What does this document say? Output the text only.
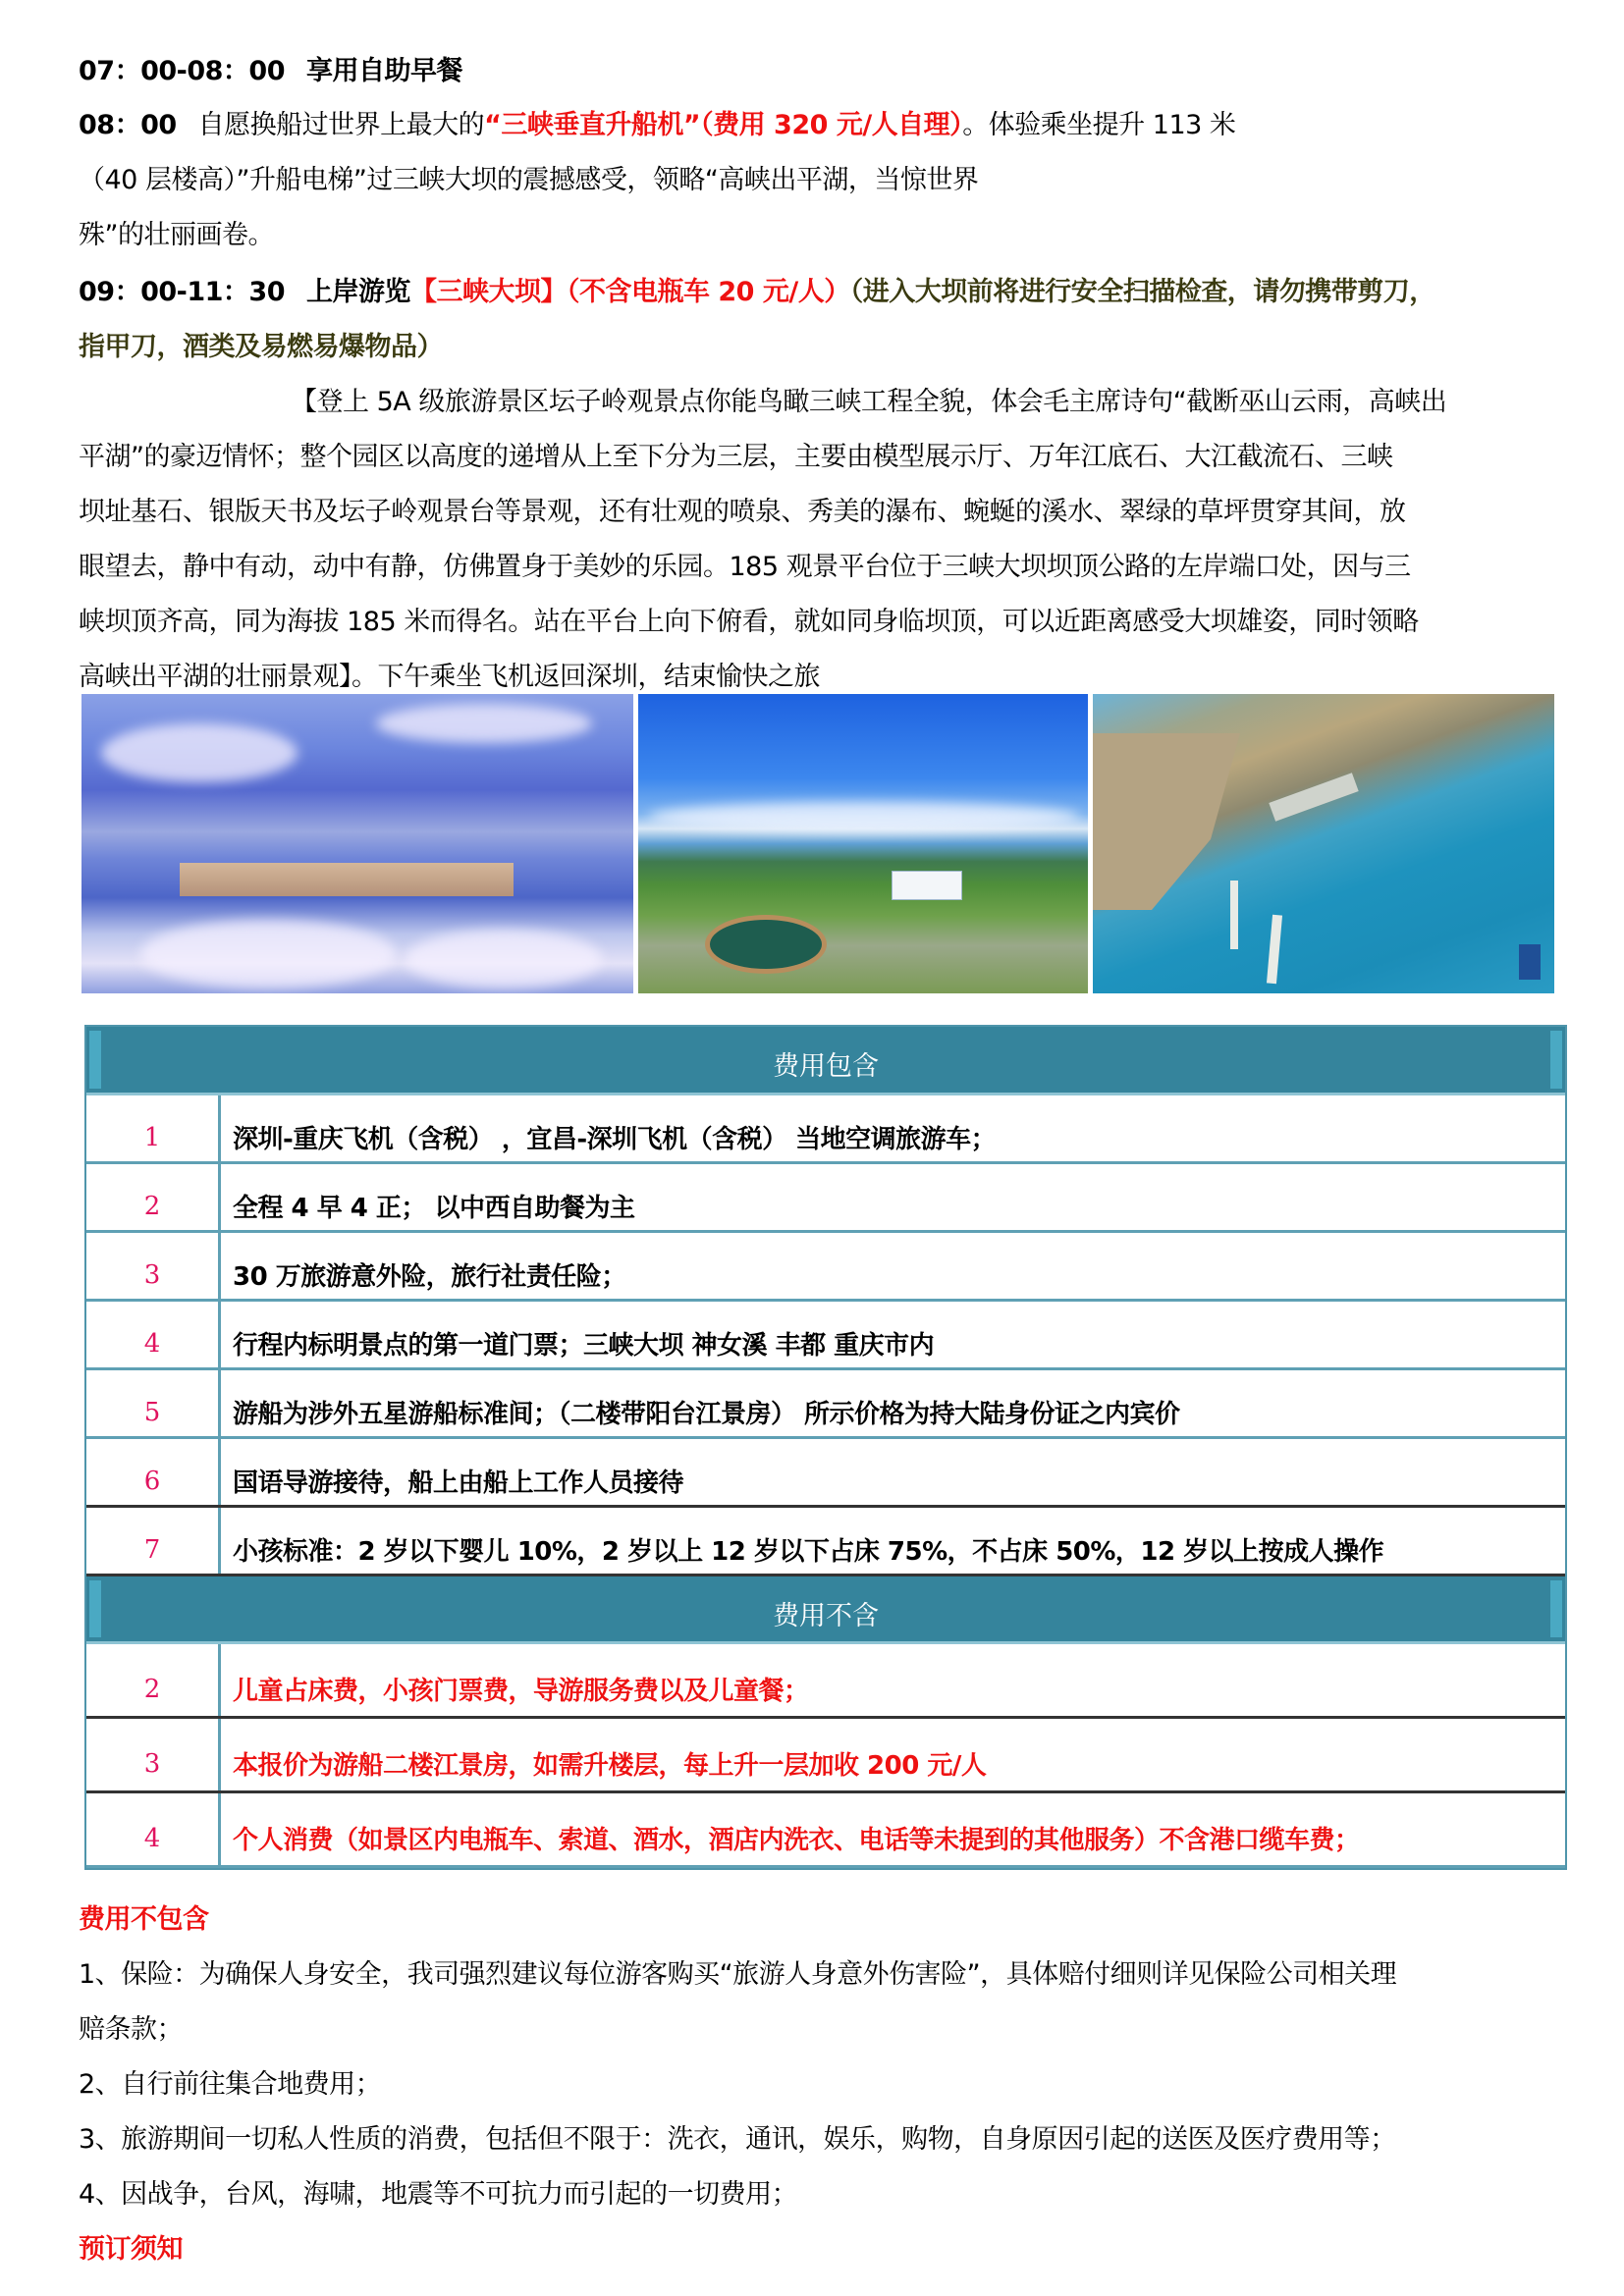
07：00-08：00 享用自助早餐
08：00 自愿换船过世界上最大的“三峡垂直升船机”（费用 320 元/人自理）。体验乘坐提升 113 米
（40 层楼高）”升船电梯”过三峡大坝的震撼感受，领略“高峡出平湖，当惊世界
殊”的壮丽画卷。
09：00-11：30 上岸游览【三峡大坝】（不含电瓶车 20 元/人）（进入大坝前将进行安全扫描检查，请勿携带剪刀，
指甲刀，酒类及易燃易爆物品）
【登上 5A 级旅游景区坛子岭观景点你能鸟瞰三峡工程全貌，体会毛主席诗句“截断巫山云雨，高峡出
平湖”的豪迈情怀；整个园区以高度的递增从上至下分为三层，主要由模型展示厅、万年江底石、大江截流石、三峡
坝址基石、银版天书及坛子岭观景台等景观，还有壮观的喷泉、秀美的瀑布、蜿蜒的溪水、翠绿的草坪贯穿其间，放
眼望去，静中有动，动中有静，仿佛置身于美妙的乐园。185 观景平台位于三峡大坝坝顶公路的左岸端口处，因与三
峡坝顶齐高，同为海拔 185 米而得名。站在平台上向下俯看，就如同身临坝顶，可以近距离感受大坝雄姿，同时领略
高峡出平湖的壮丽景观】。下午乘坐飞机返回深圳，结束愉快之旅
费用包含
1	深圳-重庆飞机（含税） ，宜昌-深圳飞机（含税） 当地空调旅游车；
2	全程 4 早 4 正； 以中西自助餐为主
3	30 万旅游意外险，旅行社责任险；
4	行程内标明景点的第一道门票；三峡大坝 神女溪 丰都 重庆市内
5	游船为涉外五星游船标准间；（二楼带阳台江景房） 所示价格为持大陆身份证之内宾价
6	国语导游接待，船上由船上工作人员接待
7	小孩标准：2 岁以下婴儿 10%，2 岁以上 12 岁以下占床 75%，不占床 50%，12 岁以上按成人操作
费用不含
2	儿童占床费，小孩门票费，导游服务费以及儿童餐；
3	本报价为游船二楼江景房，如需升楼层，每上升一层加收 200 元/人
4	个人消费（如景区内电瓶车、索道、酒水，酒店内洗衣、电话等未提到的其他服务）不含港口缆车费；
费用不包含
1、保险：为确保人身安全，我司强烈建议每位游客购买“旅游人身意外伤害险”，具体赔付细则详见保险公司相关理
赔条款；
2、自行前往集合地费用；
3、旅游期间一切私人性质的消费，包括但不限于：洗衣，通讯，娱乐，购物，自身原因引起的送医及医疗费用等；
4、因战争，台风，海啸，地震等不可抗力而引起的一切费用；
预订须知
